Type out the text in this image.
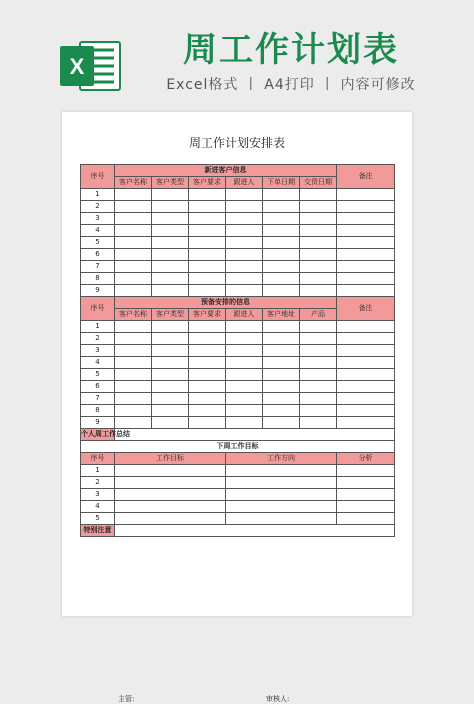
X	周工作计划表
Excel格式 丨 A4打印 丨 内容可修改
周工作计划安排表
序号	新进客户信息						备注
	客户名称	客户类型	客户要求	跟进人	下单日期	交货日期	
1							
2							
3							
4							
5							
6							
7							
8							
9							
序号	预备安排的信息						备注
	客户名称	客户类型	客户要求	跟进人	客户地址	产品	
1							
2							
3							
4							
5							
6							
7							
8							
9							
个人周工作总结							
下周工作目标							
序号	工作目标			工作方向			分析
1							
2							
3							
4							
5							
特别注意							
主管:	审核人:
